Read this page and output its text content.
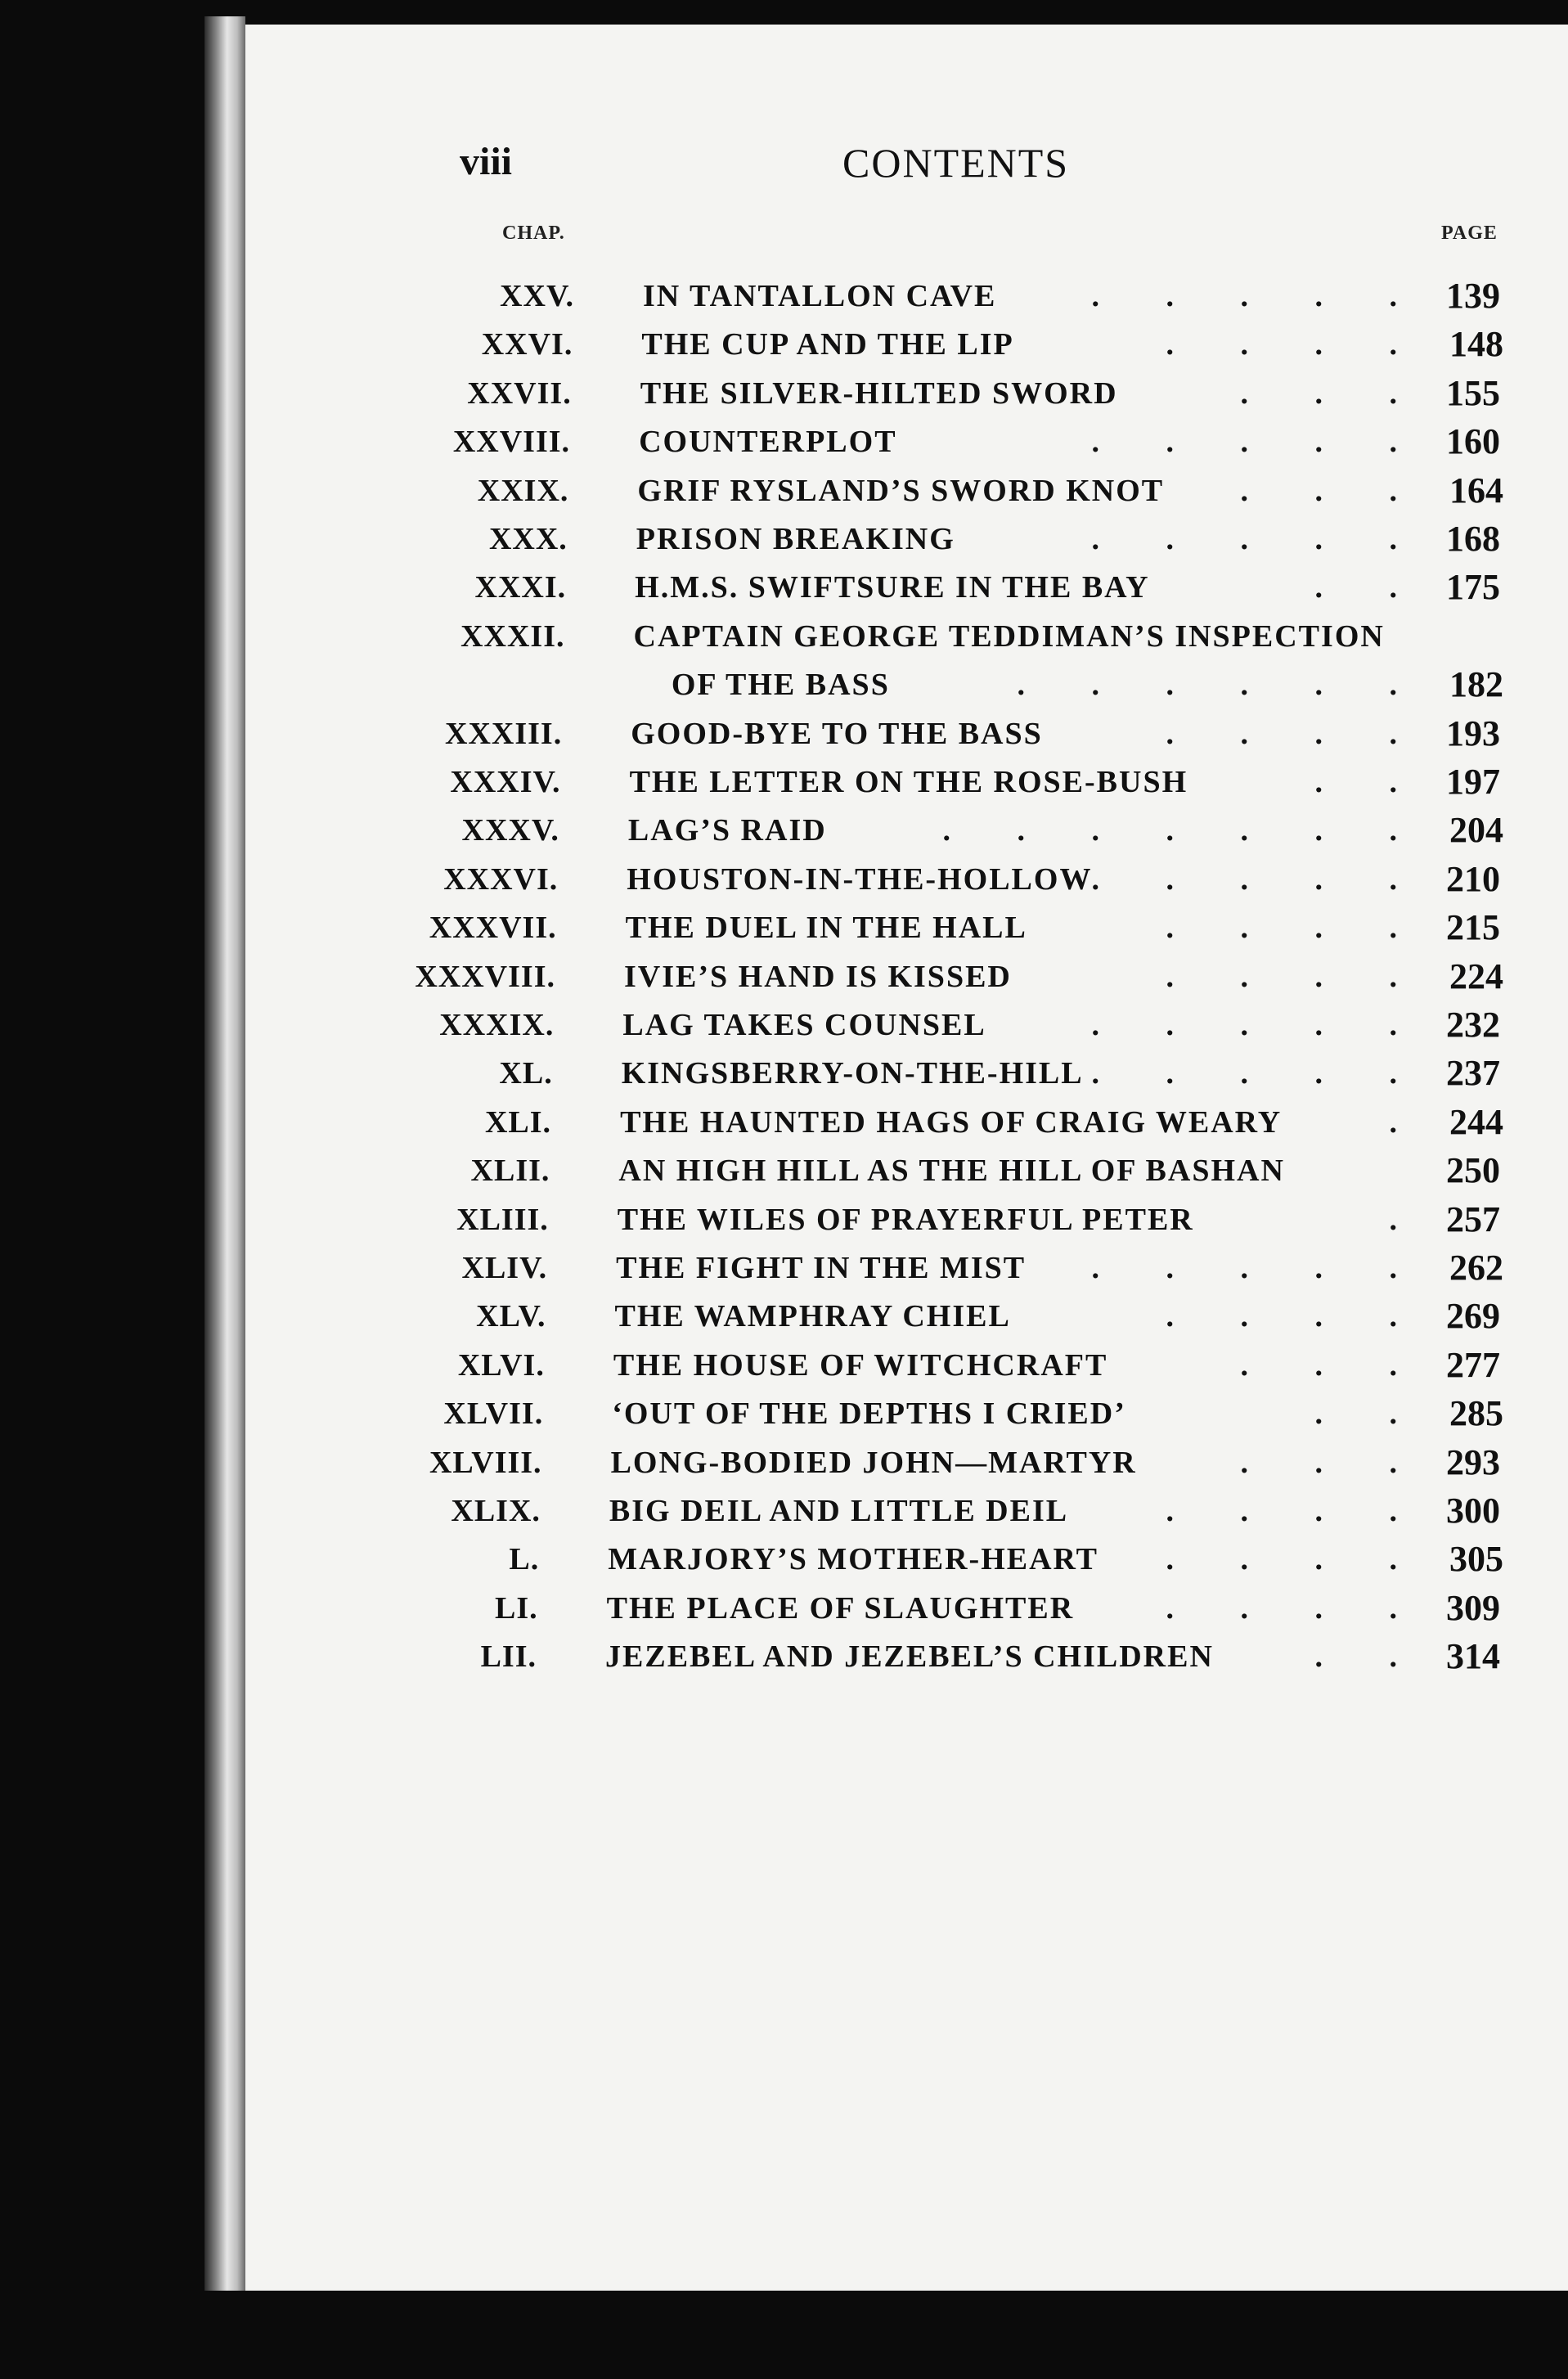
viii	CONTENTS
CHAP.	PAGE
XXV. IN TANTALLON CAVE	. . . . . 139
XXVI. THE CUP AND THE LIP	. . . . 148
XXVII. THE SILVER-HILTED SWORD	. . . 155
XXVIII. COUNTERPLOT	. . . . . 160
XXIX. GRIF RYSLAND’S SWORD KNOT . . . 164
XXX. PRISON BREAKING	. . . . . 168
XXXI. H.M.S. SWIFTSURE IN THE BAY	. . 175
XXXII. CAPTAIN GEORGE TEDDIMAN’S INSPECTION
OF THE BASS	. . . . . . 182
XXXIII. GOOD-BYE TO THE BASS	. . . . 193
XXXIV. THE LETTER ON THE ROSE-BUSH	. . 197
XXXV. LAG’S RAID	. . . . . . . 204
XXXVI. HOUSTON-IN-THE-HOLLOW . . . . . 210
XXXVII. THE DUEL IN THE HALL	. . . . 215
XXXVIII. IVIE’S HAND IS KISSED	. . . . 224
XXXIX. LAG TAKES COUNSEL	. . . . . 232
XL. KINGSBERRY-ON-THE-HILL . . . . . 237
XLI. THE HAUNTED HAGS OF CRAIG WEARY	. 244
XLII. AN HIGH HILL AS THE HILL OF BASHAN	250
XLIII. THE WILES OF PRAYERFUL PETER	. 257
XLIV. THE FIGHT IN THE MIST . . . . . 262
XLV. THE WAMPHRAY CHIEL	. . . . 269
XLVI. THE HOUSE OF WITCHCRAFT	. . . 277
XLVII. ‘OUT OF THE DEPTHS I CRIED’	. . 285
XLVIII. LONG-BODIED JOHN—MARTYR	. . . 293
XLIX. BIG DEIL AND LITTLE DEIL	. . . . 300
L. MARJORY’S MOTHER-HEART . . . . 305
LI. THE PLACE OF SLAUGHTER	. . . . 309
LII. JEZEBEL AND JEZEBEL’S CHILDREN	. . 314
